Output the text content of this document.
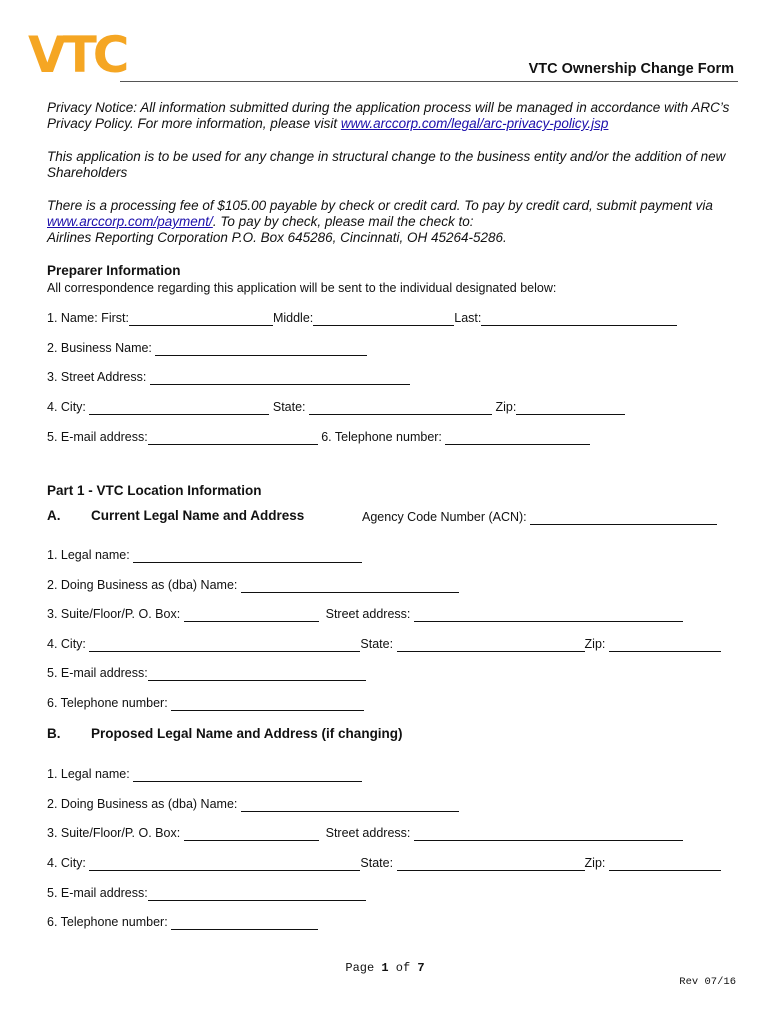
VTC	VTC Ownership Change Form
Privacy Notice: All information submitted during the application process will be managed in accordance with ARC’s Privacy Policy. For more information, please visit www.arccorp.com/legal/arc-privacy-policy.jsp
This application is to be used for any change in structural change to the business entity and/or the addition of new Shareholders
There is a processing fee of $105.00 payable by check or credit card. To pay by credit card, submit payment via www.arccorp.com/payment/. To pay by check, please mail the check to:
Airlines Reporting Corporation P.O. Box 645286, Cincinnati, OH 45264-5286.
Preparer Information
All correspondence regarding this application will be sent to the individual designated below:
1. Name: First:	Middle:	Last:
2. Business Name:
3. Street Address:
4. City:	State:	Zip:
5. E-mail address:	6. Telephone number:
Part 1 - VTC Location Information
A. Current Legal Name and Address	Agency Code Number (ACN):
1. Legal name:
2. Doing Business as (dba) Name:
3. Suite/Floor/P. O. Box:	Street address:
4. City:	State:	Zip:
5. E-mail address:
6. Telephone number:
B. Proposed Legal Name and Address (if changing)
1. Legal name:
2. Doing Business as (dba) Name:
3. Suite/Floor/P. O. Box:	Street address:
4. City:	State:	Zip:
5. E-mail address:
6. Telephone number:
Page 1 of 7
Rev 07/16
